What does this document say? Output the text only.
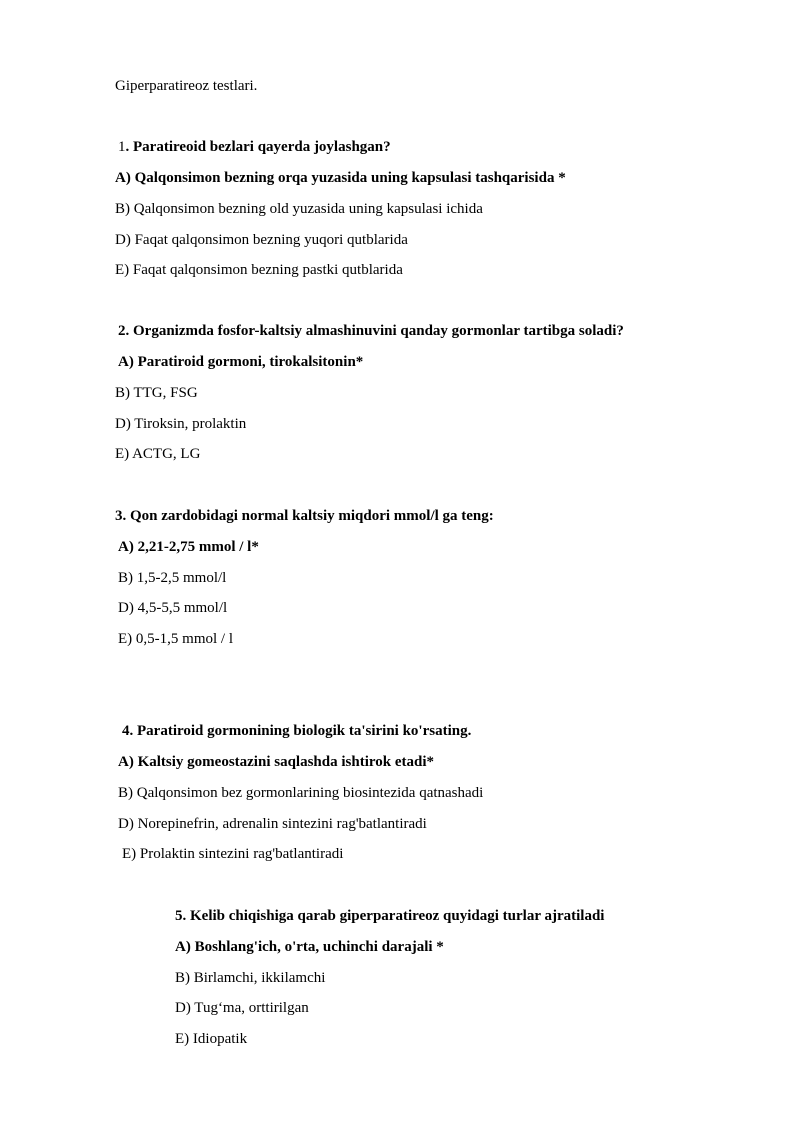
Giperparatireoz testlari.
1. Paratireoid bezlari qayerda joylashgan?
A) Qalqonsimon bezning orqa yuzasida uning kapsulasi tashqarisida *
B) Qalqonsimon bezning old yuzasida uning kapsulasi ichida
D) Faqat qalqonsimon bezning yuqori qutblarida
E) Faqat qalqonsimon bezning pastki qutblarida
2. Organizmda fosfor-kaltsiy almashinuvini qanday gormonlar tartibga soladi?
A) Paratiroid gormoni, tirokalsitonin*
B) TTG, FSG
D) Tiroksin, prolaktin
E) ACTG, LG
3. Qon zardobidagi normal kaltsiy miqdori mmol/l ga teng:
A) 2,21-2,75 mmol / l*
B) 1,5-2,5 mmol/l
D) 4,5-5,5 mmol/l
E) 0,5-1,5 mmol / l
4. Paratiroid gormonining biologik ta'sirini ko'rsating.
A) Kaltsiy gomeostazini saqlashda ishtirok etadi*
B) Qalqonsimon bez gormonlarining biosintezida qatnashadi
D) Norepinefrin, adrenalin sintezini rag'batlantiradi
E) Prolaktin sintezini rag'batlantiradi
5. Kelib chiqishiga qarab giperparatireoz quyidagi turlar ajratiladi
A) Boshlang'ich, o'rta, uchinchi darajali *
B) Birlamchi, ikkilamchi
D) Tug‘ma, orttirilgan
E) Idiopatik
